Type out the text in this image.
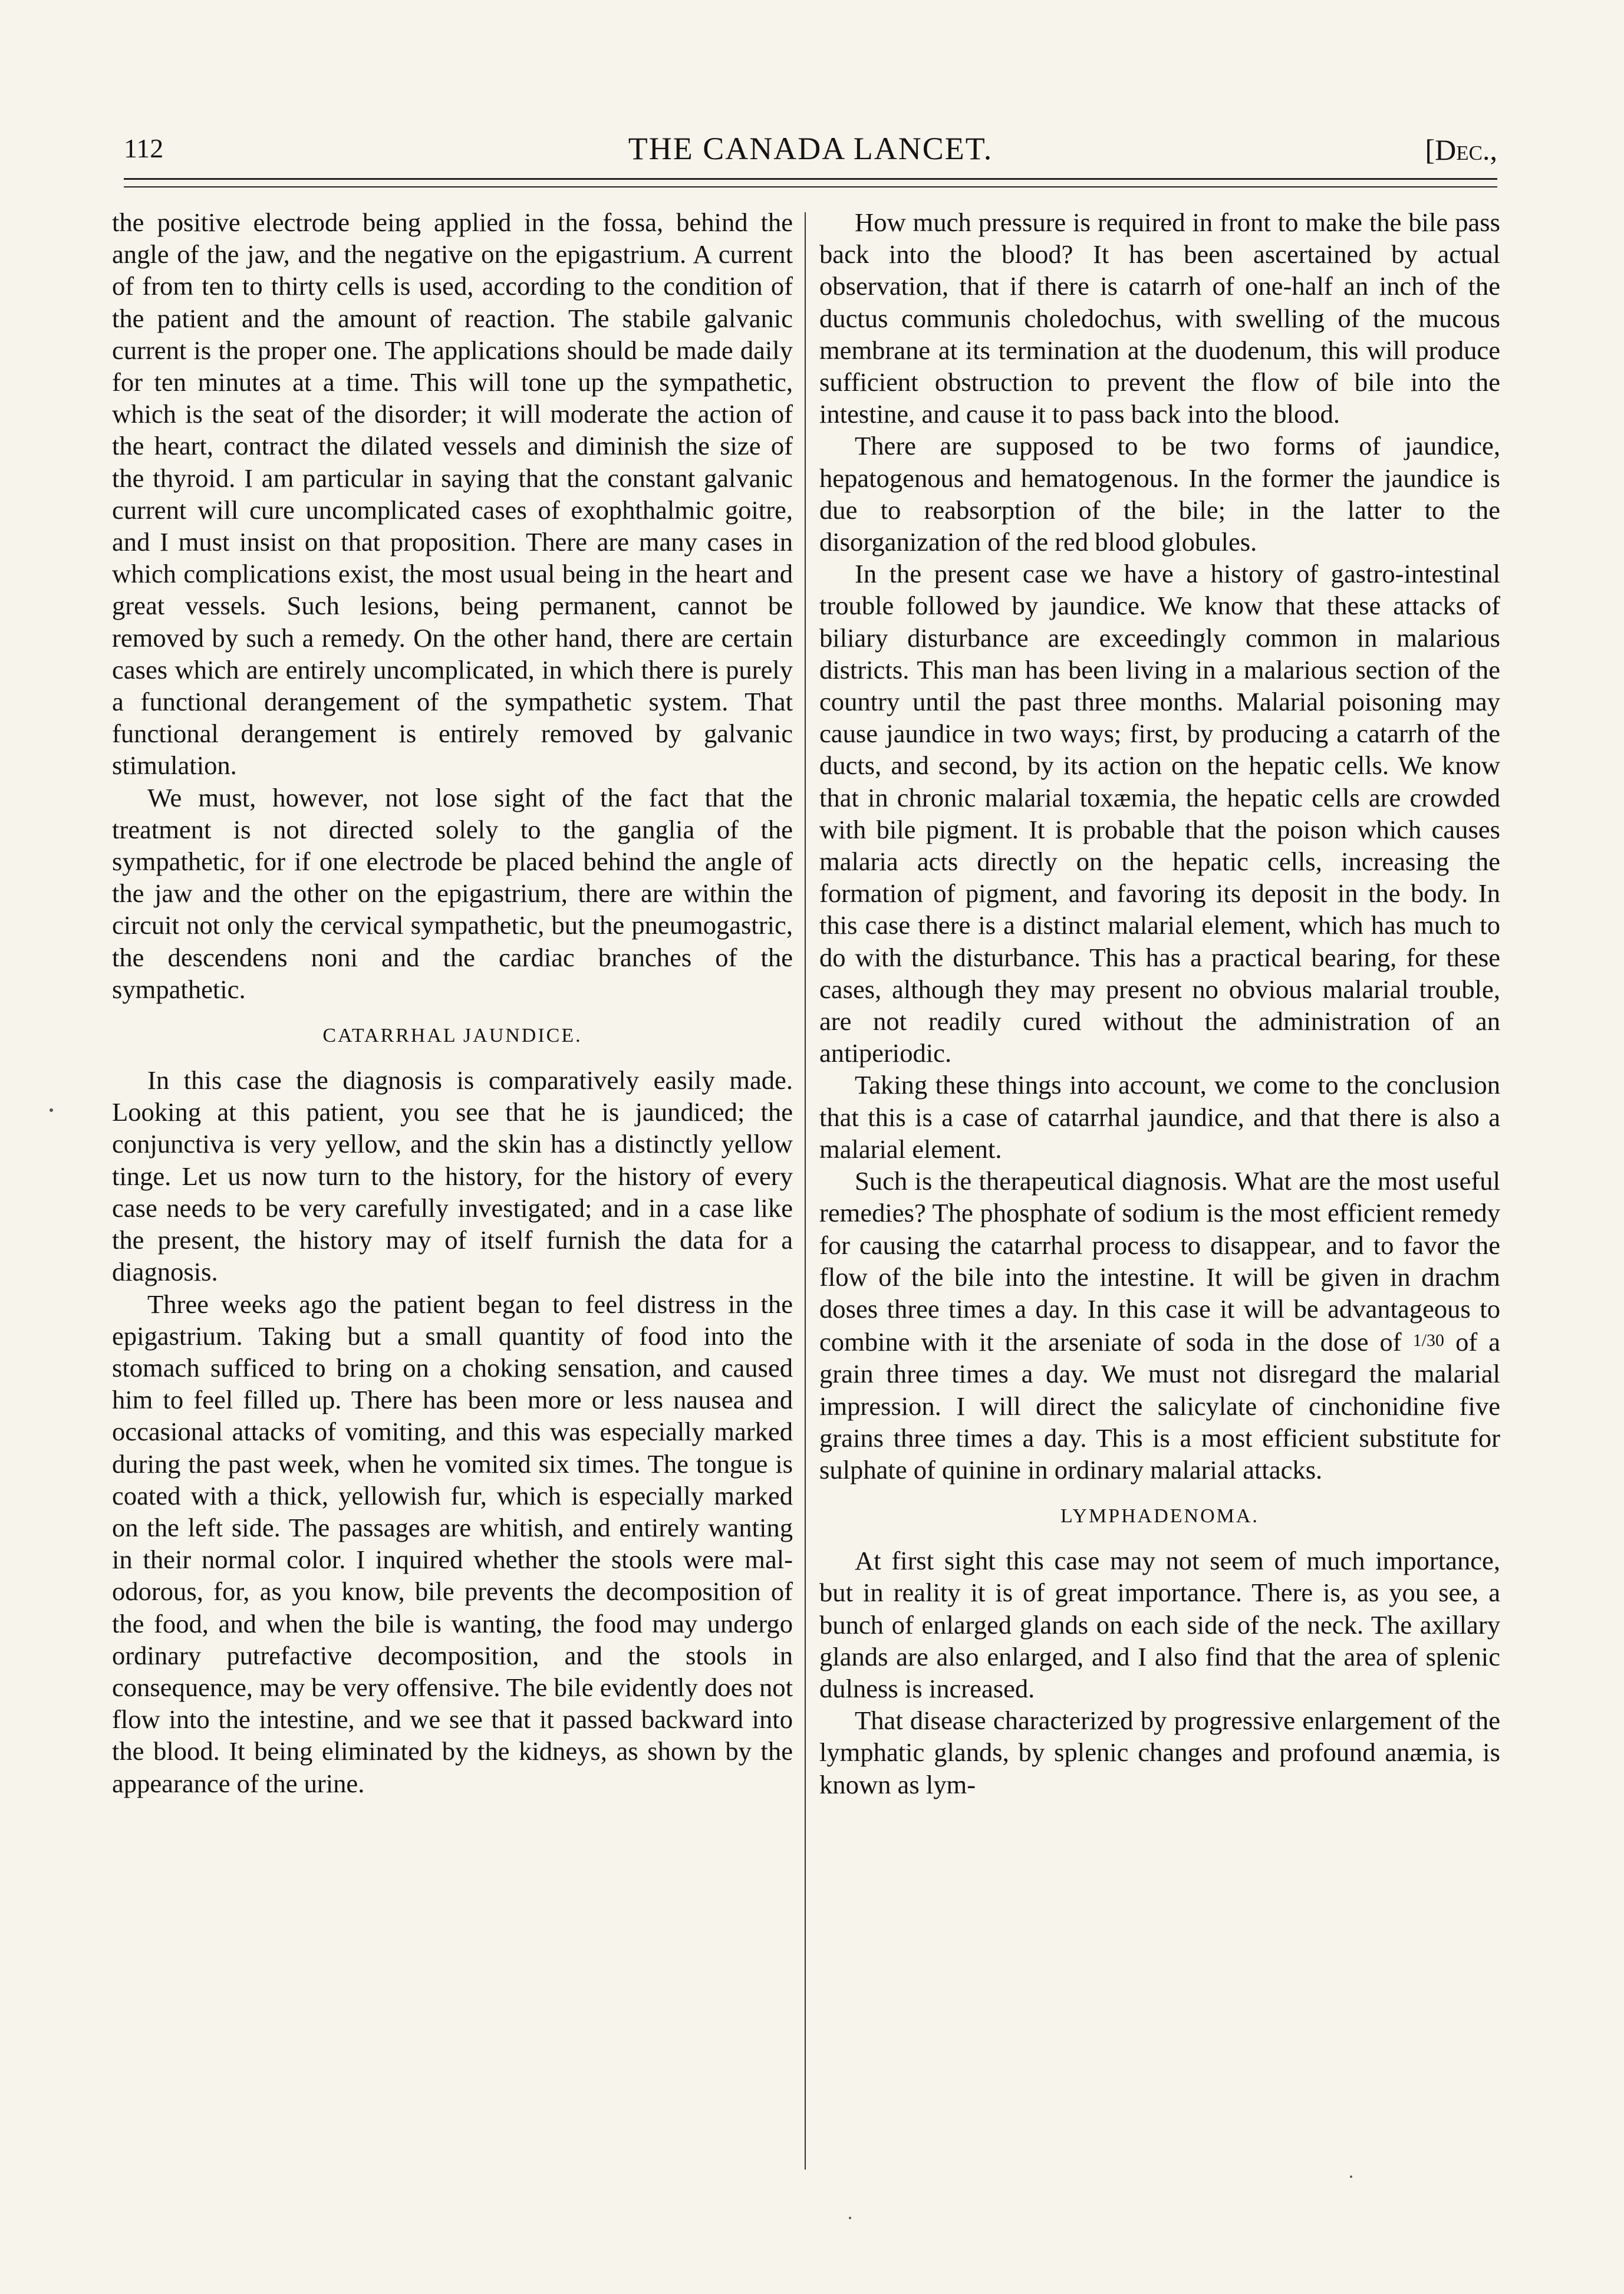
112	THE CANADA LANCET.	[Dec.,

the positive electrode being applied in the fossa, behind the angle of the jaw, and the negative on the epigastrium. A current of from ten to thirty cells is used, according to the condition of the patient and the amount of reaction. The stabile galvanic current is the proper one. The applications should be made daily for ten minutes at a time. This will tone up the sympathetic, which is the seat of the disorder; it will moderate the action of the heart, contract the dilated vessels and diminish the size of the thyroid. I am particular in saying that the constant galvanic current will cure uncomplicated cases of exophthalmic goitre, and I must insist on that proposition. There are many cases in which complications exist, the most usual being in the heart and great vessels. Such lesions, being permanent, cannot be removed by such a remedy. On the other hand, there are certain cases which are entirely uncomplicated, in which there is purely a functional derangement of the sympathetic system. That functional derangement is entirely removed by galvanic stimulation.

We must, however, not lose sight of the fact that the treatment is not directed solely to the ganglia of the sympathetic, for if one electrode be placed behind the angle of the jaw and the other on the epigastrium, there are within the circuit not only the cervical sympathetic, but the pneumogastric, the descendens noni and the cardiac branches of the sympathetic.

CATARRHAL JAUNDICE.

In this case the diagnosis is comparatively easily made. Looking at this patient, you see that he is jaundiced; the conjunctiva is very yellow, and the skin has a distinctly yellow tinge. Let us now turn to the history, for the history of every case needs to be very carefully investigated; and in a case like the present, the history may of itself furnish the data for a diagnosis.

Three weeks ago the patient began to feel distress in the epigastrium. Taking but a small quantity of food into the stomach sufficed to bring on a choking sensation, and caused him to feel filled up. There has been more or less nausea and occasional attacks of vomiting, and this was especially marked during the past week, when he vomited six times. The tongue is coated with a thick, yellowish fur, which is especially marked on the left side. The passages are whitish, and entirely wanting in their normal color. I inquired whether the stools were mal-odorous, for, as you know, bile prevents the decomposition of the food, and when the bile is wanting, the food may undergo ordinary putrefactive decomposition, and the stools in consequence, may be very offensive. The bile evidently does not flow into the intestine, and we see that it passed backward into the blood. It being eliminated by the kidneys, as shown by the appearance of the urine.

How much pressure is required in front to make the bile pass back into the blood? It has been ascertained by actual observation, that if there is catarrh of one-half an inch of the ductus communis choledochus, with swelling of the mucous membrane at its termination at the duodenum, this will produce sufficient obstruction to prevent the flow of bile into the intestine, and cause it to pass back into the blood.

There are supposed to be two forms of jaundice, hepatogenous and hematogenous. In the former the jaundice is due to reabsorption of the bile; in the latter to the disorganization of the red blood globules.

In the present case we have a history of gastro-intestinal trouble followed by jaundice. We know that these attacks of biliary disturbance are exceedingly common in malarious districts. This man has been living in a malarious section of the country until the past three months. Malarial poisoning may cause jaundice in two ways; first, by producing a catarrh of the ducts, and second, by its action on the hepatic cells. We know that in chronic malarial toxæmia, the hepatic cells are crowded with bile pigment. It is probable that the poison which causes malaria acts directly on the hepatic cells, increasing the formation of pigment, and favoring its deposit in the body. In this case there is a distinct malarial element, which has much to do with the disturbance. This has a practical bearing, for these cases, although they may present no obvious malarial trouble, are not readily cured without the administration of an antiperiodic.

Taking these things into account, we come to the conclusion that this is a case of catarrhal jaundice, and that there is also a malarial element.

Such is the therapeutical diagnosis. What are the most useful remedies? The phosphate of sodium is the most efficient remedy for causing the catarrhal process to disappear, and to favor the flow of the bile into the intestine. It will be given in drachm doses three times a day. In this case it will be advantageous to combine with it the arseniate of soda in the dose of 1/30 of a grain three times a day. We must not disregard the malarial impression. I will direct the salicylate of cinchonidine five grains three times a day. This is a most efficient substitute for sulphate of quinine in ordinary malarial attacks.

LYMPHADENOMA.

At first sight this case may not seem of much importance, but in reality it is of great importance. There is, as you see, a bunch of enlarged glands on each side of the neck. The axillary glands are also enlarged, and I also find that the area of splenic dulness is increased.

That disease characterized by progressive enlargement of the lymphatic glands, by splenic changes and profound anæmia, is known as lym-
